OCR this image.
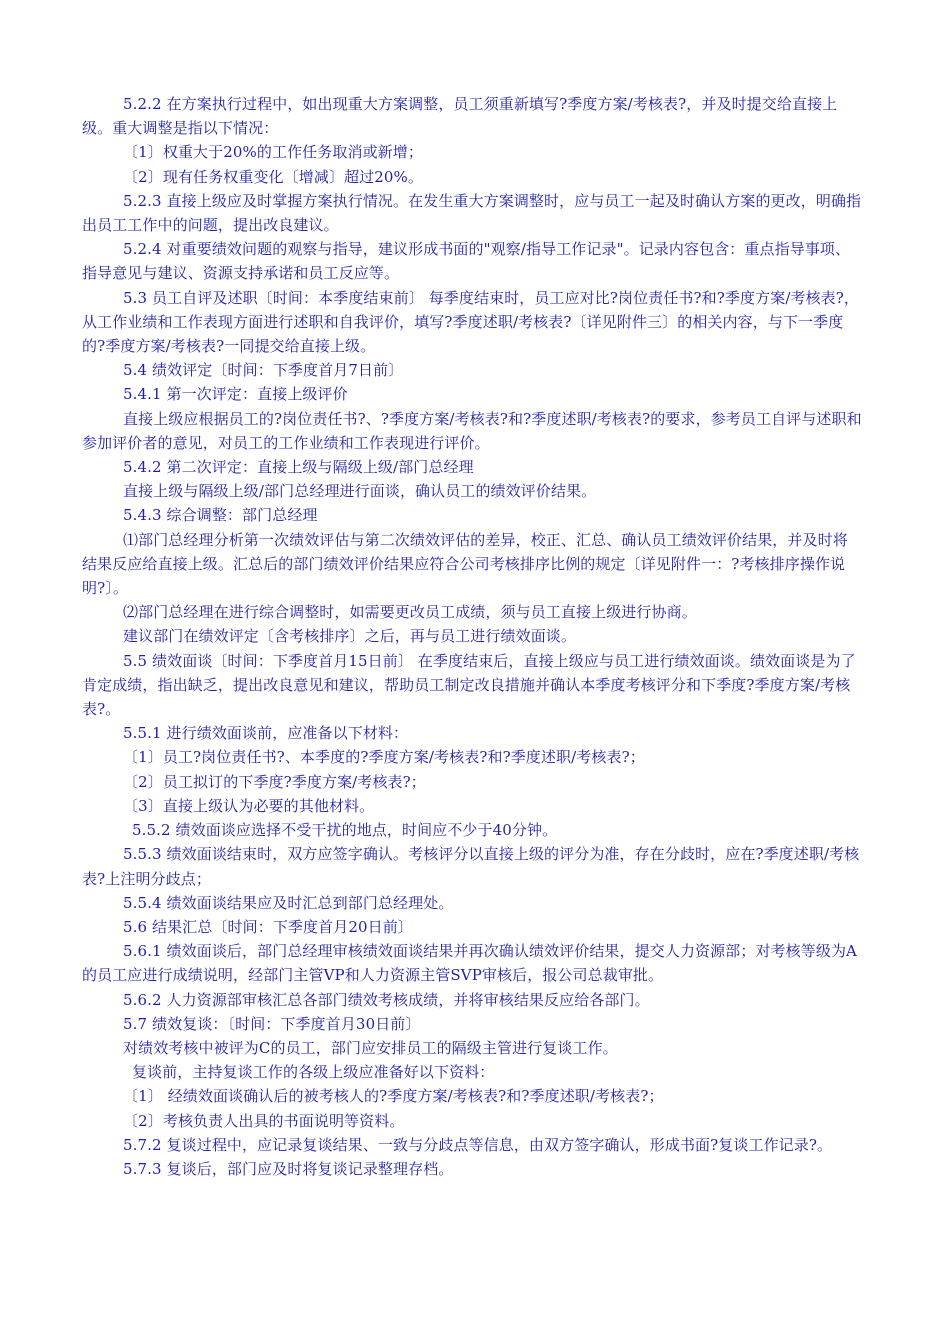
5.2.2 在方案执行过程中，如出现重大方案调整，员工须重新填写?季度方案/考核表?，并及时提交给直接上级。重大调整是指以下情况：

〔1〕权重大于20%的工作任务取消或新增；

〔2〕现有任务权重变化〔增减〕超过20%。

5.2.3 直接上级应及时掌握方案执行情况。在发生重大方案调整时，应与员工一起及时确认方案的更改，明确指出员工工作中的问题，提出改良建议。

5.2.4 对重要绩效问题的观察与指导，建议形成书面的"观察/指导工作记录"。记录内容包含：重点指导事项、指导意见与建议、资源支持承诺和员工反应等。

5.3 员工自评及述职〔时间：本季度结束前〕 每季度结束时，员工应对比?岗位责任书?和?季度方案/考核表?，从工作业绩和工作表现方面进行述职和自我评价，填写?季度述职/考核表?〔详见附件三〕的相关内容，与下一季度的?季度方案/考核表?一同提交给直接上级。

5.4 绩效评定〔时间：下季度首月7日前〕

5.4.1 第一次评定：直接上级评价

直接上级应根据员工的?岗位责任书?、?季度方案/考核表?和?季度述职/考核表?的要求，参考员工自评与述职和参加评价者的意见，对员工的工作业绩和工作表现进行评价。

5.4.2 第二次评定：直接上级与隔级上级/部门总经理

直接上级与隔级上级/部门总经理进行面谈，确认员工的绩效评价结果。

5.4.3 综合调整：部门总经理

⑴部门总经理分析第一次绩效评估与第二次绩效评估的差异，校正、汇总、确认员工绩效评价结果，并及时将结果反应给直接上级。汇总后的部门绩效评价结果应符合公司考核排序比例的规定〔详见附件一：?考核排序操作说明?〕。

⑵部门总经理在进行综合调整时，如需要更改员工成绩，须与员工直接上级进行协商。

建议部门在绩效评定〔含考核排序〕之后，再与员工进行绩效面谈。

5.5 绩效面谈〔时间：下季度首月15日前〕 在季度结束后，直接上级应与员工进行绩效面谈。绩效面谈是为了肯定成绩，指出缺乏，提出改良意见和建议，帮助员工制定改良措施并确认本季度考核评分和下季度?季度方案/考核表?。

5.5.1 进行绩效面谈前，应准备以下材料：

〔1〕员工?岗位责任书?、本季度的?季度方案/考核表?和?季度述职/考核表?；

〔2〕员工拟订的下季度?季度方案/考核表?；

〔3〕直接上级认为必要的其他材料。

5.5.2 绩效面谈应选择不受干扰的地点，时间应不少于40分钟。

5.5.3 绩效面谈结束时，双方应签字确认。考核评分以直接上级的评分为准，存在分歧时，应在?季度述职/考核表?上注明分歧点；

5.5.4 绩效面谈结果应及时汇总到部门总经理处。

5.6 结果汇总〔时间：下季度首月20日前〕

5.6.1 绩效面谈后，部门总经理审核绩效面谈结果并再次确认绩效评价结果，提交人力资源部；对考核等级为A的员工应进行成绩说明，经部门主管VP和人力资源主管SVP审核后，报公司总裁审批。

5.6.2 人力资源部审核汇总各部门绩效考核成绩，并将审核结果反应给各部门。

5.7 绩效复谈：〔时间：下季度首月30日前〕

对绩效考核中被评为C的员工，部门应安排员工的隔级主管进行复谈工作。

复谈前，主持复谈工作的各级上级应准备好以下资料：

〔1〕 经绩效面谈确认后的被考核人的?季度方案/考核表?和?季度述职/考核表?；

〔2〕考核负责人出具的书面说明等资料。

5.7.2 复谈过程中，应记录复谈结果、一致与分歧点等信息，由双方签字确认，形成书面?复谈工作记录?。

5.7.3 复谈后，部门应及时将复谈记录整理存档。
